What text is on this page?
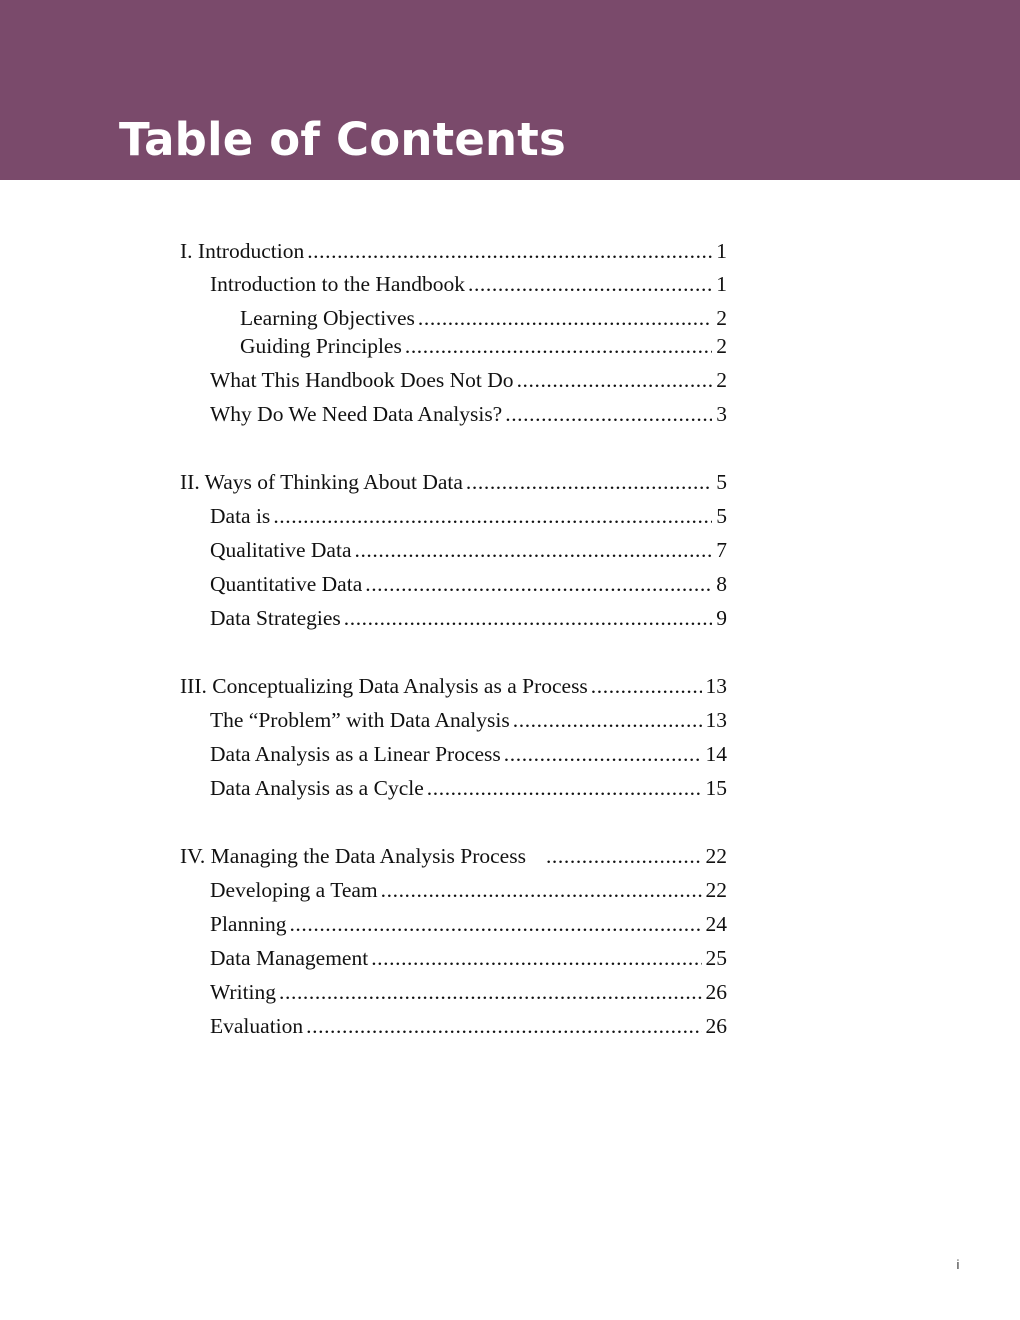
Table of Contents
I. Introduction .....	1
Introduction to the Handbook .....	1
Learning Objectives .....	2
Guiding Principles .....	2
What This Handbook Does Not Do .....	2
Why Do We Need Data Analysis? .....	3
II. Ways of Thinking About Data .....	5
Data is .....	5
Qualitative Data .....	7
Quantitative Data .....	8
Data Strategies .....	9
III. Conceptualizing Data Analysis as a Process .....	13
The “Problem” with Data Analysis .....	13
Data Analysis as a Linear Process .....	14
Data Analysis as a Cycle .....	15
IV. Managing the Data Analysis Process .....	22
Developing a Team .....	22
Planning .....	24
Data Management .....	25
Writing .....	26
Evaluation .....	26
i
